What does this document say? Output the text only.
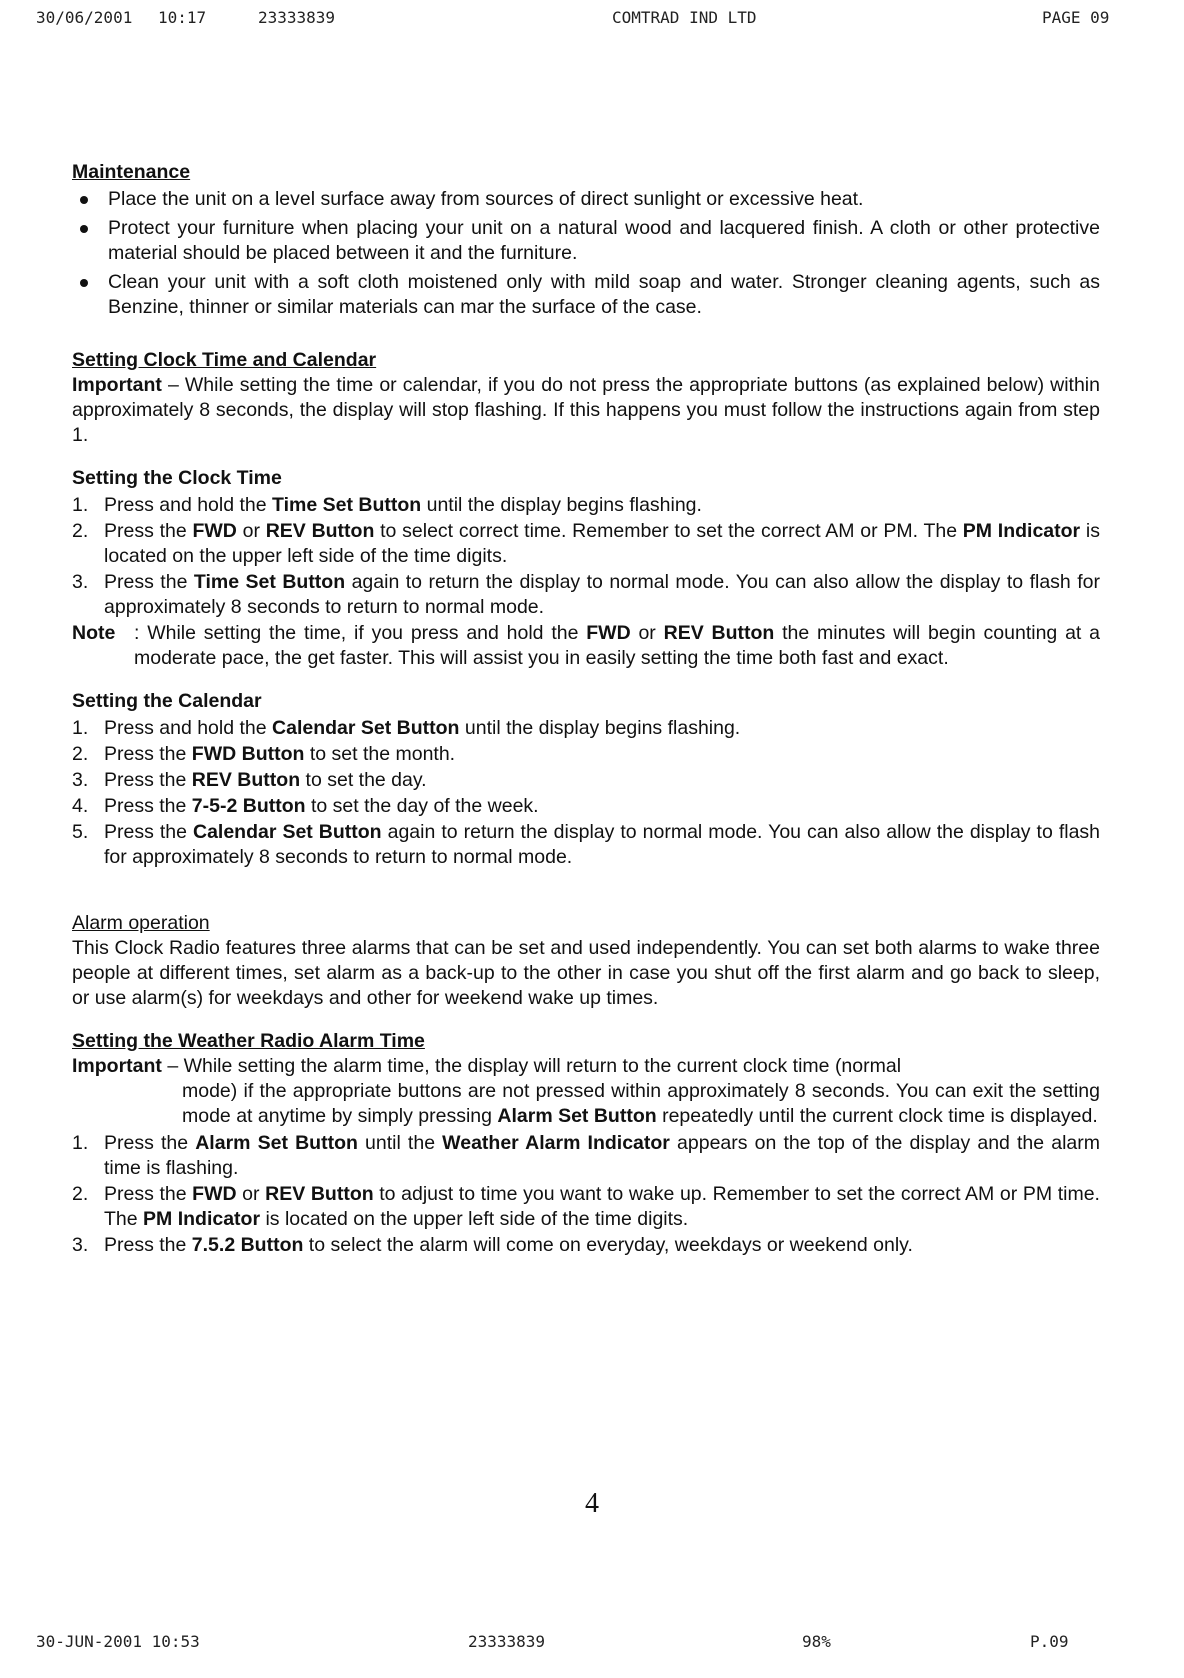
30/06/2001 10:17	23333839	COMTRAD IND LTD	PAGE 09
Maintenance
Place the unit on a level surface away from sources of direct sunlight or excessive heat.
Protect your furniture when placing your unit on a natural wood and lacquered finish. A cloth or other protective material should be placed between it and the furniture.
Clean your unit with a soft cloth moistened only with mild soap and water. Stronger cleaning agents, such as Benzine, thinner or similar materials can mar the surface of the case.
Setting Clock Time and Calendar

Important – While setting the time or calendar, if you do not press the appropriate buttons (as explained below) within approximately 8 seconds, the display will stop flashing. If this happens you must follow the instructions again from step 1.

Setting the Clock Time
1. Press and hold the Time Set Button until the display begins flashing.
2. Press the FWD or REV Button to select correct time. Remember to set the correct AM or PM. The PM Indicator is located on the upper left side of the time digits.
3. Press the Time Set Button again to return the display to normal mode. You can also allow the display to flash for approximately 8 seconds to return to normal mode.
Note : While setting the time, if you press and hold the FWD or REV Button the minutes will begin counting at a moderate pace, the get faster. This will assist you in easily setting the time both fast and exact.
Setting the Calendar
1. Press and hold the Calendar Set Button until the display begins flashing.
2. Press the FWD Button to set the month.
3. Press the REV Button to set the day.
4. Press the 7-5-2 Button to set the day of the week.
5. Press the Calendar Set Button again to return the display to normal mode. You can also allow the display to flash for approximately 8 seconds to return to normal mode.
Alarm operation

This Clock Radio features three alarms that can be set and used independently. You can set both alarms to wake three people at different times, set alarm as a back-up to the other in case you shut off the first alarm and go back to sleep, or use alarm(s) for weekdays and other for weekend wake up times.

Setting the Weather Radio Alarm Time

Important – While setting the alarm time, the display will return to the current clock time (normal

mode) if the appropriate buttons are not pressed within approximately 8 seconds. You can exit the setting mode at anytime by simply pressing Alarm Set Button repeatedly until the current clock time is displayed.

1. Press the Alarm Set Button until the Weather Alarm Indicator appears on the top of the display and the alarm time is flashing.
2. Press the FWD or REV Button to adjust to time you want to wake up. Remember to set the correct AM or PM time. The PM Indicator is located on the upper left side of the time digits.
3. Press the 7.5.2 Button to select the alarm will come on everyday, weekdays or weekend only.
4
30-JUN-2001 10:53	23333839	98%	P.09
